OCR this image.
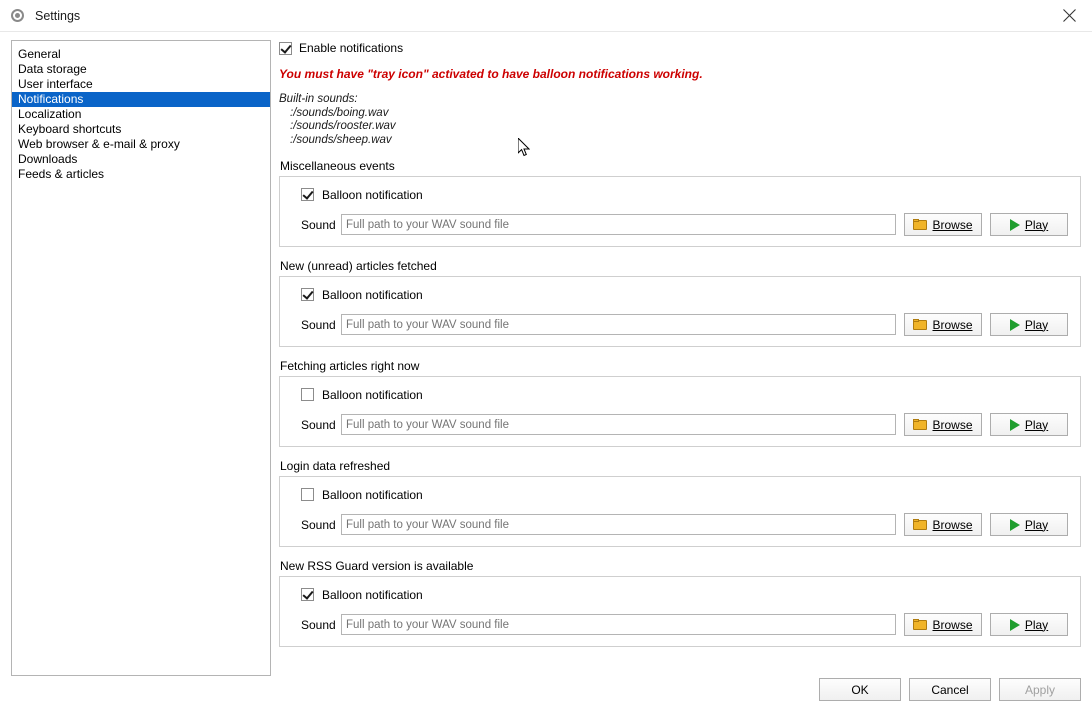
Settings
General
Data storage
User interface
Notifications
Localization
Keyboard shortcuts
Web browser & e-mail & proxy
Downloads
Feeds & articles
Enable notifications
You must have "tray icon" activated to have balloon notifications working.
Built-in sounds:
:/sounds/boing.wav
:/sounds/rooster.wav
:/sounds/sheep.wav
Miscellaneous events
Balloon notification
Sound
Full path to your WAV sound file	Browse	Play
New (unread) articles fetched
Balloon notification
Sound
Full path to your WAV sound file	Browse	Play
Fetching articles right now
Balloon notification
Sound
Full path to your WAV sound file	Browse	Play
Login data refreshed
Balloon notification
Sound
Full path to your WAV sound file	Browse	Play
New RSS Guard version is available
Balloon notification
Sound
Full path to your WAV sound file	Browse	Play
OK	Cancel	Apply
